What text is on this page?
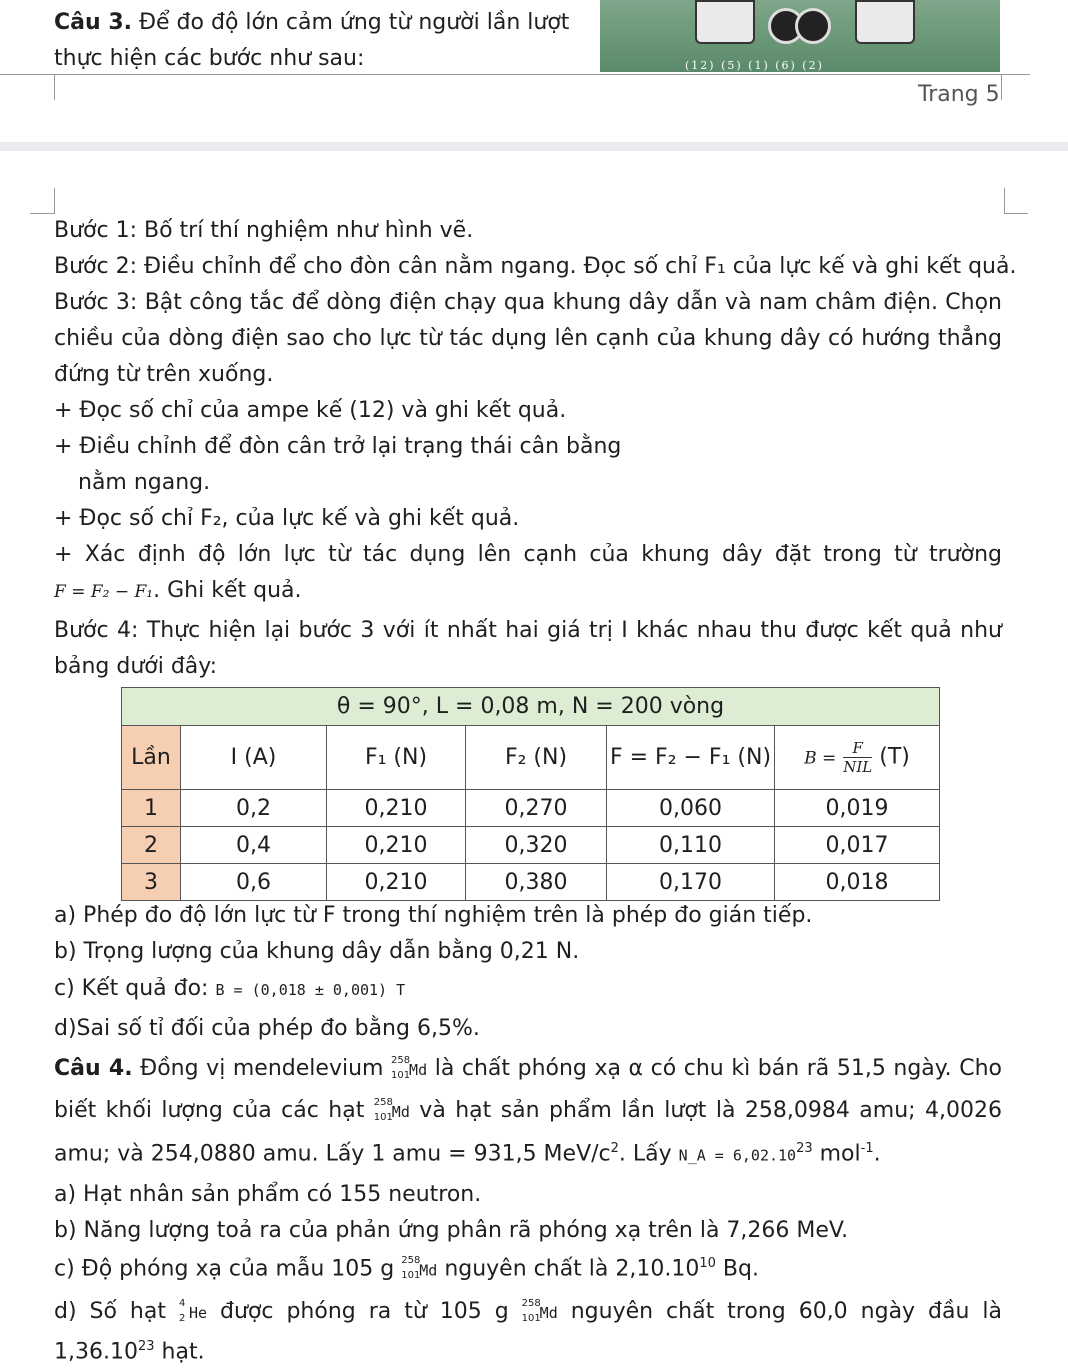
Câu 3. Để đo độ lớn cảm ứng từ người lần lượt
thực hiện các bước như sau:	(12) (5) (1) (6) (2)
Trang 5
Bước 1: Bố trí thí nghiệm như hình vẽ.
Bước 2: Điều chỉnh để cho đòn cân nằm ngang. Đọc số chỉ F₁ của lực kế và ghi kết quả.
Bước 3: Bật công tắc để dòng điện chạy qua khung dây dẫn và nam châm điện. Chọn
chiều của dòng điện sao cho lực từ tác dụng lên cạnh của khung dây có hướng thẳng
đứng từ trên xuống.
+ Đọc số chỉ của ampe kế (12) và ghi kết quả.
+ Điều chỉnh để đòn cân trở lại trạng thái cân bằng
nằm ngang.
+ Đọc số chỉ F₂, của lực kế và ghi kết quả.
+ Xác định độ lớn lực từ tác dụng lên cạnh của khung dây đặt trong từ trường
F = F₂ − F₁. Ghi kết quả.
Bước 4: Thực hiện lại bước 3 với ít nhất hai giá trị I khác nhau thu được kết quả như
bảng dưới đây:
θ = 90°, L = 0,08 m, N = 200 vòng					
Lần	I (A)	F₁ (N)	F₂ (N)	F = F₂ − F₁ (N)	$B = \frac{F}{\text{NIL}} (T)$
1	0,2	0,210	0,270	0,060	0,019
2	0,4	0,210	0,320	0,110	0,017
3	0,6	0,210	0,380	0,170	0,018
a) Phép đo độ lớn lực từ F trong thí nghiệm trên là phép đo gián tiếp.
b) Trọng lượng của khung dây dẫn bằng 0,21 N.
c) Kết quả đo: B = (0,018 ± 0,001) T
d)Sai số tỉ đối của phép đo bằng 6,5%.
Câu 4. Đồng vị mendelevium 258
101
Md là chất phóng xạ α có chu kì bán rã 51,5 ngày. Cho
biết khối lượng của các hạt 258
101
Md và hạt sản phẩm lần lượt là 258,0984 amu; 4,0026
amu; và 254,0880 amu. Lấy 1 amu = 931,5 MeV/$c^2$. Lấy N_A = $6,02.10^{23}$ mol$^{-1}$.
a) Hạt nhân sản phẩm có 155 neutron.
b) Năng lượng toả ra của phản ứng phân rã phóng xạ trên là 7,266 MeV.
c) Độ phóng xạ của mẫu 105 g 258
101
Md nguyên chất là 2,10.10$^{10}$ Bq.
d) Số hạt 4
2 He được phóng ra từ 105 g 258
101
Md nguyên chất trong 60,0 ngày đầu là
1,36.10$^{23}$ hạt.
